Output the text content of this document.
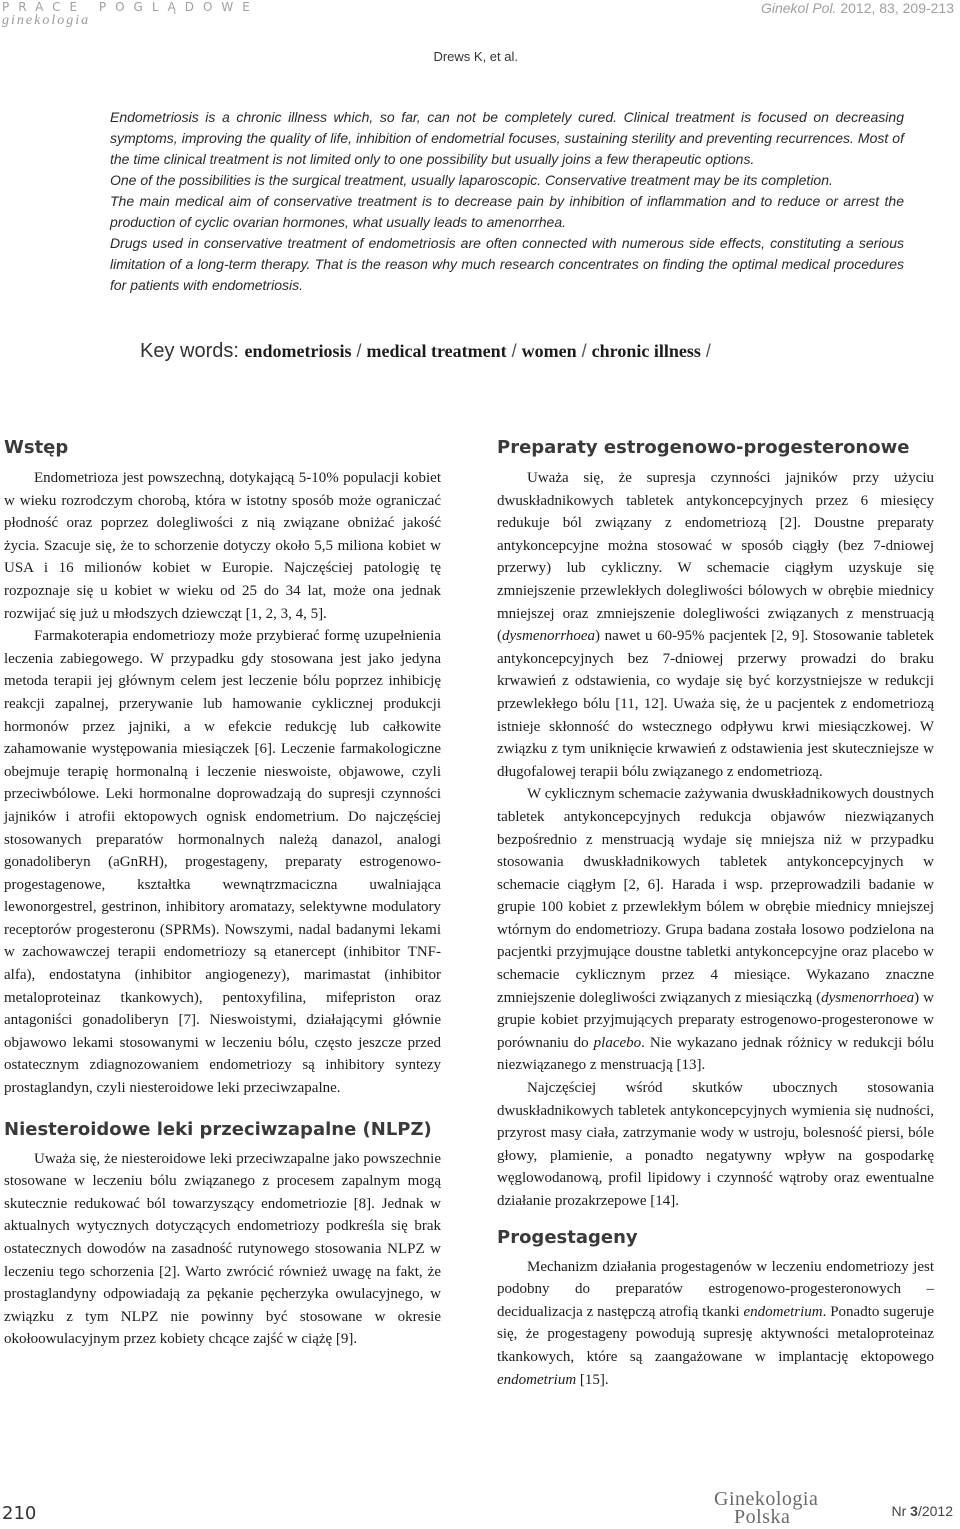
PRACE POGLĄDOWE
ginekologia
Ginekol Pol. 2012, 83, 209-213
Drews K, et al.

Endometriosis is a chronic illness which, so far, can not be completely cured. Clinical treatment is focused on decreasing symptoms, improving the quality of life, inhibition of endometrial focuses, sustaining sterility and preventing recurrences. Most of the time clinical treatment is not limited only to one possibility but usually joins a few therapeutic options.

One of the possibilities is the surgical treatment, usually laparoscopic. Conservative treatment may be its completion.

The main medical aim of conservative treatment is to decrease pain by inhibition of inflammation and to reduce or arrest the production of cyclic ovarian hormones, what usually leads to amenorrhea.

Drugs used in conservative treatment of endometriosis are often connected with numerous side effects, constituting a serious limitation of a long-term therapy. That is the reason why much research concentrates on finding the optimal medical procedures for patients with endometriosis.

Key words: endometriosis / medical treatment / women / chronic illness /
Wstęp

Endometrioza jest powszechną, dotykającą 5-10% populacji kobiet w wieku rozrodczym chorobą, która w istotny sposób może ograniczać płodność oraz poprzez dolegliwości z nią związane obniżać jakość życia. Szacuje się, że to schorzenie dotyczy około 5,5 miliona kobiet w USA i 16 milionów kobiet w Europie. Najczęściej patologię tę rozpoznaje się u kobiet w wieku od 25 do 34 lat, może ona jednak rozwijać się już u młodszych dziewcząt [1, 2, 3, 4, 5].

Farmakoterapia endometriozy może przybierać formę uzupełnienia leczenia zabiegowego. W przypadku gdy stosowana jest jako jedyna metoda terapii jej głównym celem jest leczenie bólu poprzez inhibicję reakcji zapalnej, przerywanie lub hamowanie cyklicznej produkcji hormonów przez jajniki, a w efekcie redukcję lub całkowite zahamowanie występowania miesiączek [6]. Leczenie farmakologiczne obejmuje terapię hormonalną i leczenie nieswoiste, objawowe, czyli przeciwbólowe. Leki hormonalne doprowadzają do supresji czynności jajników i atrofii ektopowych ognisk endometrium. Do najczęściej stosowanych preparatów hormonalnych należą danazol, analogi gonadoliberyn (aGnRH), progestageny, preparaty estrogenowo-progestagenowe, kształtka wewnątrzmaciczna uwalniająca lewonorgestrel, gestrinon, inhibitory aromatazy, selektywne modulatory receptorów progesteronu (SPRMs). Nowszymi, nadal badanymi lekami w zachowawczej terapii endometriozy są etanercept (inhibitor TNF-alfa), endostatyna (inhibitor angiogenezy), marimastat (inhibitor metaloproteinaz tkankowych), pentoxyfilina, mifepriston oraz antagoniści gonadoliberyn [7]. Nieswoistymi, działającymi głównie objawowo lekami stosowanymi w leczeniu bólu, często jeszcze przed ostatecznym zdiagnozowaniem endometriozy są inhibitory syntezy prostaglandyn, czyli niesteroidowe leki przeciwzapalne.

Niesteroidowe leki przeciwzapalne (NLPZ)

Uważa się, że niesteroidowe leki przeciwzapalne jako powszechnie stosowane w leczeniu bólu związanego z procesem zapalnym mogą skutecznie redukować ból towarzyszący endometriozie [8]. Jednak w aktualnych wytycznych dotyczących endometriozy podkreśla się brak ostatecznych dowodów na zasadność rutynowego stosowania NLPZ w leczeniu tego schorzenia [2]. Warto zwrócić również uwagę na fakt, że prostaglandyny odpowiadają za pękanie pęcherzyka owulacyjnego, w związku z tym NLPZ nie powinny być stosowane w okresie okołoowulacyjnym przez kobiety chcące zajść w ciążę [9].

Preparaty estrogenowo-progesteronowe

Uważa się, że supresja czynności jajników przy użyciu dwuskładnikowych tabletek antykoncepcyjnych przez 6 miesięcy redukuje ból związany z endometriozą [2]. Doustne preparaty antykoncepcyjne można stosować w sposób ciągły (bez 7-dniowej przerwy) lub cykliczny. W schemacie ciągłym uzyskuje się zmniejszenie przewlekłych dolegliwości bólowych w obrębie miednicy mniejszej oraz zmniejszenie dolegliwości związanych z menstruacją (dysmenorrhoea) nawet u 60-95% pacjentek [2, 9]. Stosowanie tabletek antykoncepcyjnych bez 7-dniowej przerwy prowadzi do braku krwawień z odstawienia, co wydaje się być korzystniejsze w redukcji przewlekłego bólu [11, 12]. Uważa się, że u pacjentek z endometriozą istnieje skłonność do wstecznego odpływu krwi miesiączkowej. W związku z tym uniknięcie krwawień z odstawienia jest skuteczniejsze w długofalowej terapii bólu związanego z endometriozą.

W cyklicznym schemacie zażywania dwuskładnikowych doustnych tabletek antykoncepcyjnych redukcja objawów niezwiązanych bezpośrednio z menstruacją wydaje się mniejsza niż w przypadku stosowania dwuskładnikowych tabletek antykoncepcyjnych w schemacie ciągłym [2, 6]. Harada i wsp. przeprowadzili badanie w grupie 100 kobiet z przewlekłym bólem w obrębie miednicy mniejszej wtórnym do endometriozy. Grupa badana została losowo podzielona na pacjentki przyjmujące doustne tabletki antykoncepcyjne oraz placebo w schemacie cyklicznym przez 4 miesiące. Wykazano znaczne zmniejszenie dolegliwości związanych z miesiączką (dysmenorrhoea) w grupie kobiet przyjmujących preparaty estrogenowo-progesteronowe w porównaniu do placebo. Nie wykazano jednak różnicy w redukcji bólu niezwiązanego z menstruacją [13].

Najczęściej wśród skutków ubocznych stosowania dwuskładnikowych tabletek antykoncepcyjnych wymienia się nudności, przyrost masy ciała, zatrzymanie wody w ustroju, bolesność piersi, bóle głowy, plamienie, a ponadto negatywny wpływ na gospodarkę węglowodanową, profil lipidowy i czynność wątroby oraz ewentualne działanie prozakrzepowe [14].

Progestageny

Mechanizm działania progestagenów w leczeniu endometriozy jest podobny do preparatów estrogenowo-progesteronowych – decidualizacja z następczą atrofią tkanki endometrium. Ponadto sugeruje się, że progestageny powodują supresję aktywności metaloproteinaz tkankowych, które są zaangażowane w implantację ektopowego endometrium [15].

210
Ginekologia
Polska	Nr 3/2012
